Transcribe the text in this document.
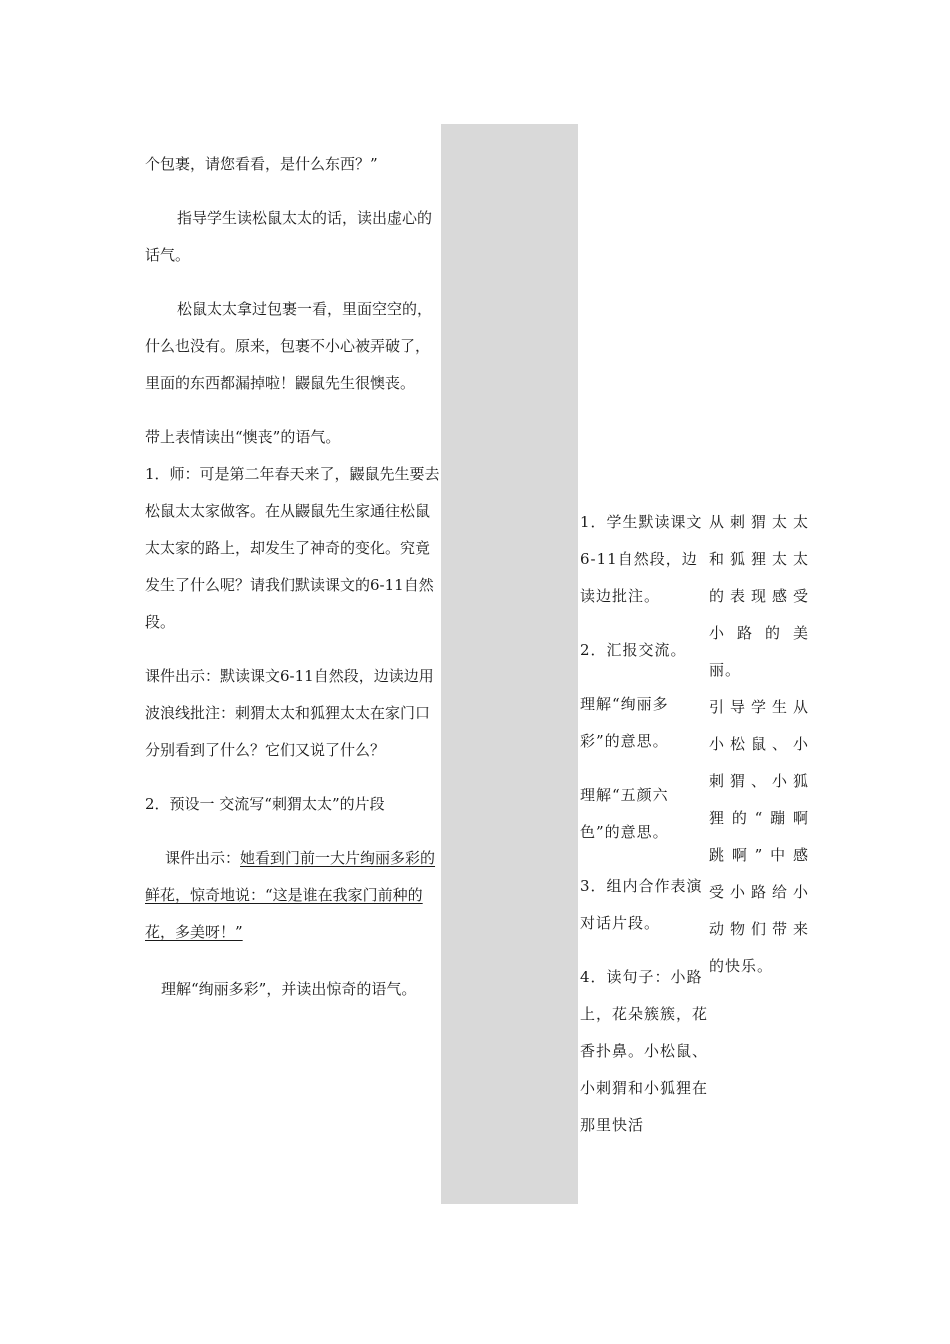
个包裹，请您看看，是什么东西？”

指导学生读松鼠太太的话，读出虚心的话气。

松鼠太太拿过包裹一看，里面空空的，什么也没有。原来，包裹不小心被弄破了，里面的东西都漏掉啦！鼹鼠先生很懊丧。

带上表情读出“懊丧”的语气。

1．师：可是第二年春天来了，鼹鼠先生要去松鼠太太家做客。在从鼹鼠先生家通往松鼠太太家的路上，却发生了神奇的变化。究竟发生了什么呢？请我们默读课文的6-11自然段。

课件出示：默读课文6-11自然段，边读边用波浪线批注：刺猬太太和狐狸太太在家门口分别看到了什么？它们又说了什么？

2．预设一 交流写“刺猬太太”的片段

课件出示：她看到门前一大片绚丽多彩的鲜花，惊奇地说：“这是谁在我家门前种的花，多美呀！”

理解“绚丽多彩”，并读出惊奇的语气。

1．学生默读课文6-11自然段，边读边批注。

2．汇报交流。

理解“绚丽多彩”的意思。

理解“五颜六色”的意思。

3．组内合作表演对话片段。

4．读句子：小路上，花朵簇簇，花香扑鼻。小松鼠、小刺猬和小狐狸在那里快活

从刺猬太太

和狐狸太太

的表现感受

小路的美

丽。

引导学生从

小松鼠、小

刺猬、小狐

狸的“蹦啊

跳啊”中感

受小路给小

动物们带来

的快乐。
